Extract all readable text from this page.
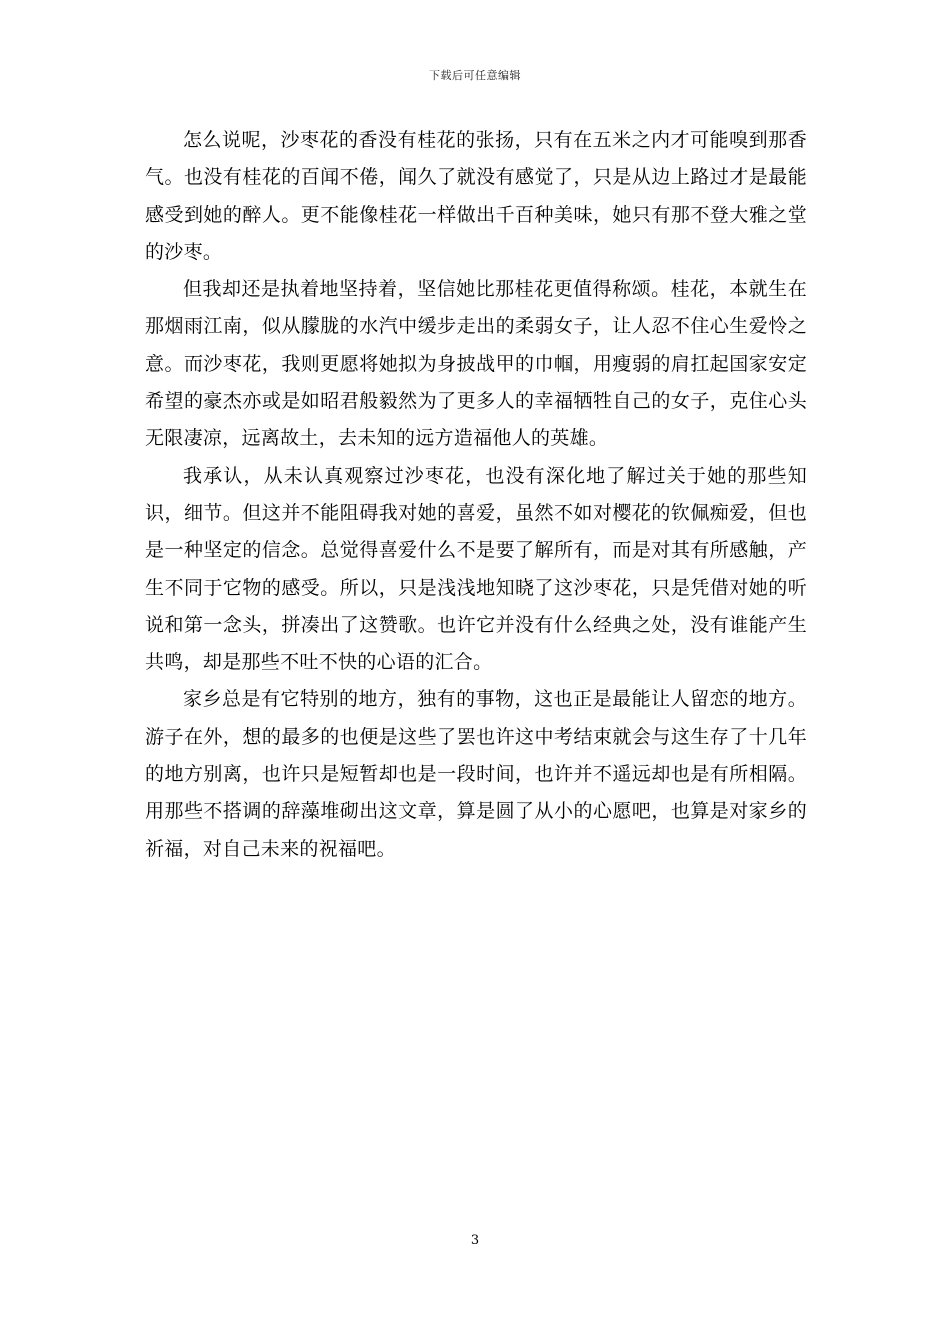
下载后可任意编辑

怎么说呢，沙枣花的香没有桂花的张扬，只有在五米之内才可能嗅到那香气。也没有桂花的百闻不倦，闻久了就没有感觉了，只是从边上路过才是最能感受到她的醉人。更不能像桂花一样做出千百种美味，她只有那不登大雅之堂的沙枣。

但我却还是执着地坚持着，坚信她比那桂花更值得称颂。桂花，本就生在那烟雨江南，似从朦胧的水汽中缓步走出的柔弱女子，让人忍不住心生爱怜之意。而沙枣花，我则更愿将她拟为身披战甲的巾帼，用瘦弱的肩扛起国家安定希望的豪杰亦或是如昭君般毅然为了更多人的幸福牺牲自己的女子，克住心头无限凄凉，远离故土，去未知的远方造福他人的英雄。

我承认，从未认真观察过沙枣花，也没有深化地了解过关于她的那些知识，细节。但这并不能阻碍我对她的喜爱，虽然不如对樱花的钦佩痴爱，但也是一种坚定的信念。总觉得喜爱什么不是要了解所有，而是对其有所感触，产生不同于它物的感受。所以，只是浅浅地知晓了这沙枣花，只是凭借对她的听说和第一念头，拼凑出了这赞歌。也许它并没有什么经典之处，没有谁能产生共鸣，却是那些不吐不快的心语的汇合。

家乡总是有它特别的地方，独有的事物，这也正是最能让人留恋的地方。游子在外，想的最多的也便是这些了罢也许这中考结束就会与这生存了十几年的地方别离，也许只是短暂却也是一段时间，也许并不遥远却也是有所相隔。用那些不搭调的辞藻堆砌出这文章，算是圆了从小的心愿吧，也算是对家乡的祈福，对自己未来的祝福吧。

3
